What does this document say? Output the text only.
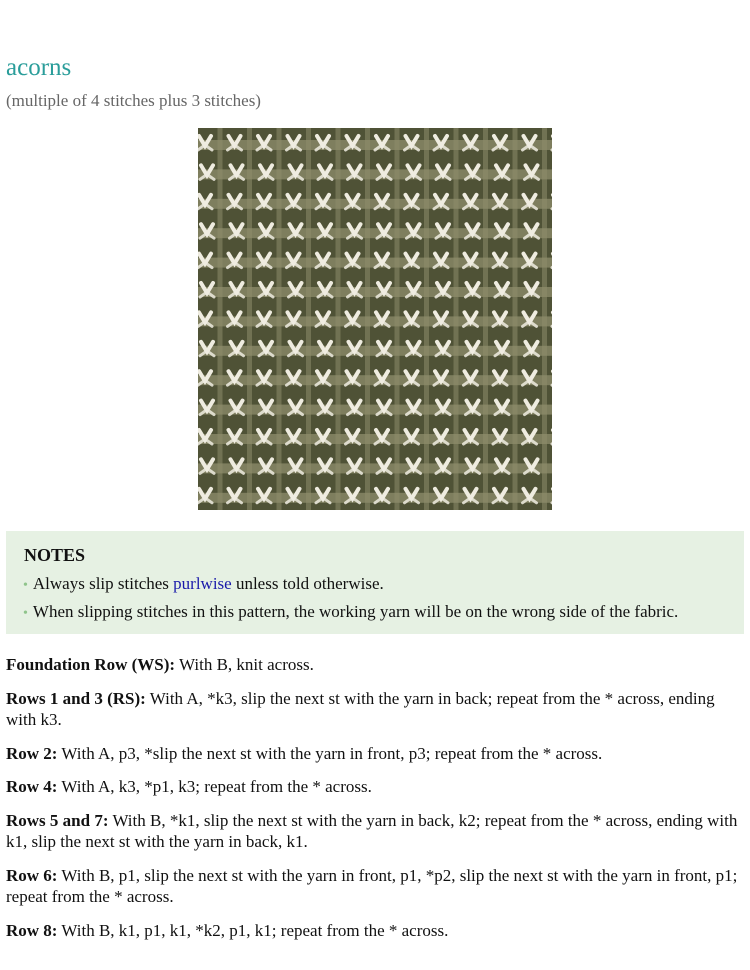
acorns
(multiple of 4 stitches plus 3 stitches)
NOTES
• Always slip stitches purlwise unless told otherwise.
• When slipping stitches in this pattern, the working yarn will be on the wrong side of the fabric.

Foundation Row (WS): With B, knit across.

Rows 1 and 3 (RS): With A, *k3, slip the next st with the yarn in back; repeat from the * across, ending with k3.

Row 2: With A, p3, *slip the next st with the yarn in front, p3; repeat from the * across.

Row 4: With A, k3, *p1, k3; repeat from the * across.

Rows 5 and 7: With B, *k1, slip the next st with the yarn in back, k2; repeat from the * across, ending with k1, slip the next st with the yarn in back, k1.

Row 6: With B, p1, slip the next st with the yarn in front, p1, *p2, slip the next st with the yarn in front, p1; repeat from the * across.

Row 8: With B, k1, p1, k1, *k2, p1, k1; repeat from the * across.
